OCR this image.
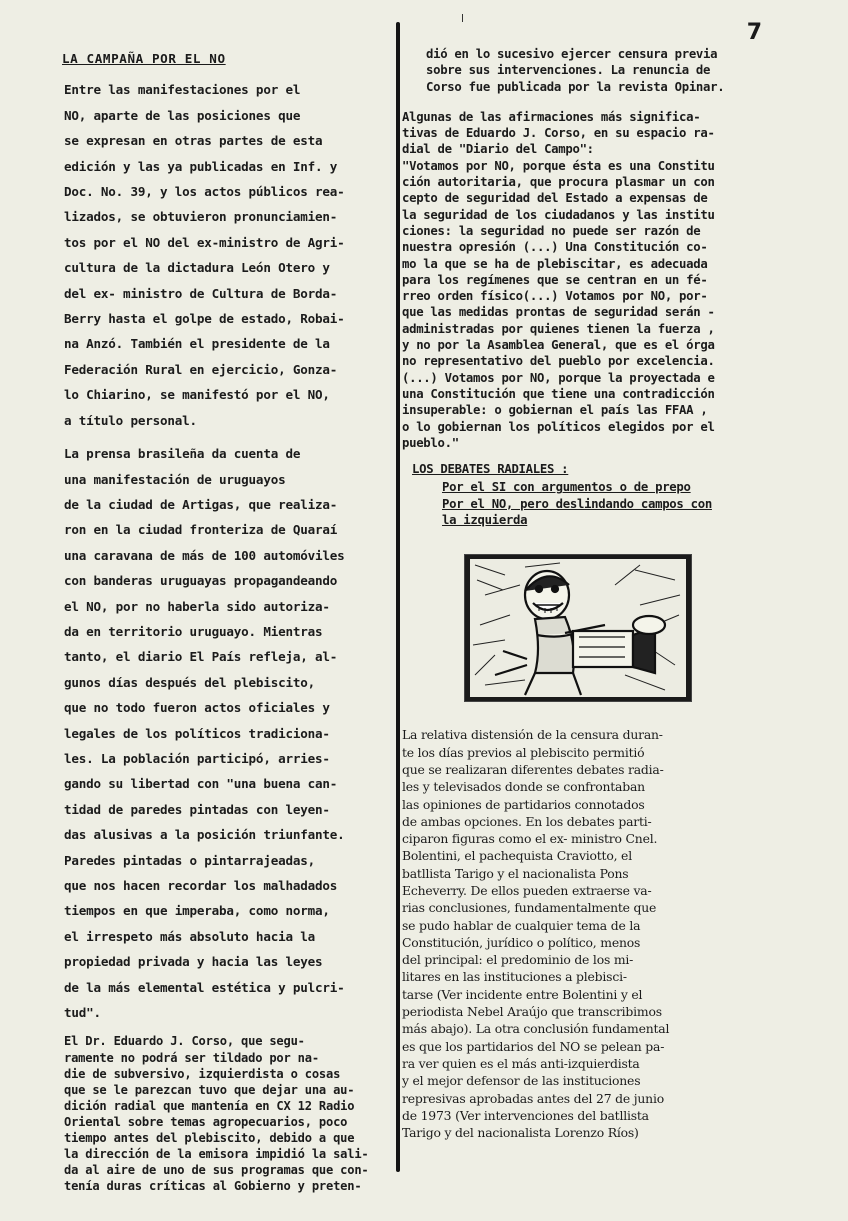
7
LA CAMPAÑA POR EL NO
Entre las manifestaciones por el
NO, aparte de las posiciones que
se expresan en otras partes de esta
edición y las ya publicadas en Inf. y
Doc. No. 39, y los actos públicos rea-
lizados, se obtuvieron pronunciamien-
tos por el NO del ex-ministro de Agri-
cultura de la dictadura León Otero y
del ex- ministro de Cultura de Borda-
Berry hasta el golpe de estado, Robai-
na Anzó. También el presidente de la
Federación Rural en ejercicio, Gonza-
lo Chiarino, se manifestó por el NO,
a título personal.
La prensa brasileña da cuenta de
una manifestación de uruguayos
de la ciudad de Artigas, que realiza-
ron en la ciudad fronteriza de Quaraí
una caravana de más de 100 automóviles
con banderas uruguayas propagandeando
el NO, por no haberla sido autoriza-
da en territorio uruguayo. Mientras
tanto, el diario El País refleja, al-
gunos días después del plebiscito,
que no todo fueron actos oficiales y
legales de los políticos tradiciona-
les. La población participó, arries-
gando su libertad con "una buena can-
tidad de paredes pintadas con leyen-
das alusivas a la posición triunfante.
Paredes pintadas o pintarrajeadas,
que nos hacen recordar los malhadados
tiempos en que imperaba, como norma,
el irrespeto más absoluto hacia la
propiedad privada y hacia las leyes
de la más elemental estética y pulcri-
tud".
El Dr. Eduardo J. Corso, que segu-
ramente no podrá ser tildado por na-
die de subversivo, izquierdista o cosas
que se le parezcan tuvo que dejar una au-
dición radial que mantenía en CX 12 Radio
Oriental sobre temas agropecuarios, poco
tiempo antes del plebiscito, debido a que
la dirección de la emisora impidió la sali-
da al aire de uno de sus programas que con-
tenía duras críticas al Gobierno y preten-
dió en lo sucesivo ejercer censura previa
sobre sus intervenciones. La renuncia de
Corso fue publicada por la revista Opinar.
Algunas de las afirmaciones más significa-
tivas de Eduardo J. Corso, en su espacio ra-
dial de "Diario del Campo":
"Votamos por NO, porque ésta es una Constitu
ción autoritaria, que procura plasmar un con
cepto de seguridad del Estado a expensas de
la seguridad de los ciudadanos y las institu
ciones: la seguridad no puede ser razón de
nuestra opresión (...) Una Constitución co-
mo la que se ha de plebiscitar, es adecuada
para los regímenes que se centran en un fé-
rreo orden físico(...) Votamos por NO, por-
que las medidas prontas de seguridad serán -
administradas por quienes tienen la fuerza ,
y no por la Asamblea General, que es el órga
no representativo del pueblo por excelencia.
(...) Votamos por NO, porque la proyectada e
una Constitución que tiene una contradicción
insuperable: o gobiernan el país las FFAA ,
o lo gobiernan los políticos elegidos por el
pueblo."
LOS DEBATES RADIALES :
Por el SI con argumentos o de prepo
Por el NO, pero deslindando campos con
la izquierda
La relativa distensión de la censura duran-
te los días previos al plebiscito permitió
que se realizaran diferentes debates radia-
les y televisados donde se confrontaban
las opiniones de partidarios connotados
de ambas opciones. En los debates parti-
ciparon figuras como el ex- ministro Cnel.
Bolentini, el pachequista Craviotto, el
batllista Tarigo y el nacionalista Pons
Echeverry. De ellos pueden extraerse va-
rias conclusiones, fundamentalmente que
se pudo hablar de cualquier tema de la
Constitución, jurídico o político, menos
del principal: el predominio de los mi-
litares en las instituciones a plebisci-
tarse (Ver incidente entre Bolentini y el
periodista Nebel Araújo que transcribimos
más abajo). La otra conclusión fundamental
es que los partidarios del NO se pelean pa-
ra ver quien es el más anti-izquierdista
y el mejor defensor de las instituciones
represivas aprobadas antes del 27 de junio
de 1973 (Ver intervenciones del batllista
Tarigo y del nacionalista Lorenzo Ríos)
